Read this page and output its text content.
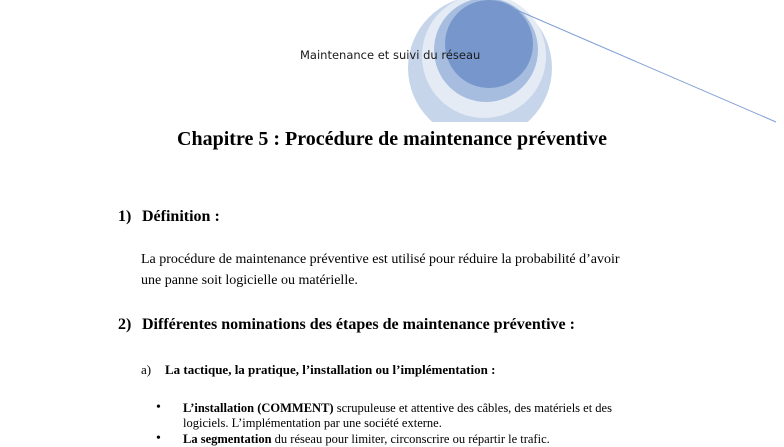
Maintenance et suivi du réseau
Chapitre 5 : Procédure de maintenance préventive
1) Définition :
La procédure de maintenance préventive est utilisé pour réduire la probabilité d’avoir
une panne soit logicielle ou matérielle.
2) Différentes nominations des étapes de maintenance préventive :
a) La tactique, la pratique, l’installation ou l’implémentation :
• L’installation (COMMENT) scrupuleuse et attentive des câbles, des matériels et des
logiciels. L’implémentation par une société externe.
• La segmentation du réseau pour limiter, circonscrire ou répartir le trafic.
